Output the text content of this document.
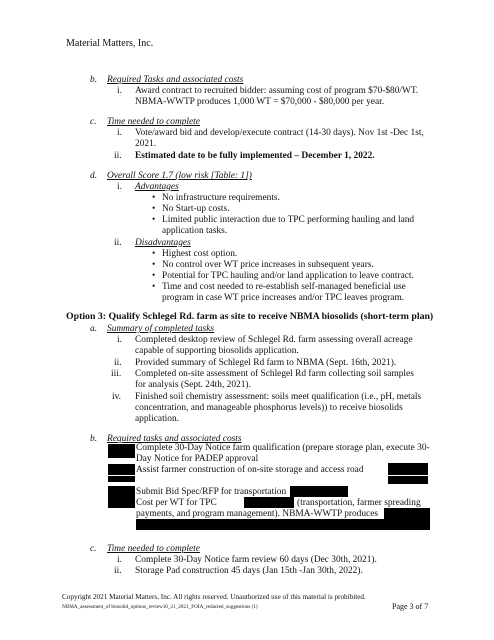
Material Matters, Inc.
b. Required Tasks and associated costs
i. Award contract to recruited bidder: assuming cost of program $70-$80/WT.
NBMA-WWTP produces 1,000 WT = $70,000 - $80,000 per year.
c. Time needed to complete
i. Vote/award bid and develop/execute contract (14-30 days). Nov 1st -Dec 1st,
2021.
ii. Estimated date to be fully implemented – December 1, 2022.
d. Overall Score 1.7 (low risk [Table: 1])
i. Advantages
• No infrastructure requirements.
• No Start-up costs.
• Limited public interaction due to TPC performing hauling and land
application tasks.
ii. Disadvantages
• Highest cost option.
• No control over WT price increases in subsequent years.
• Potential for TPC hauling and/or land application to leave contract.
• Time and cost needed to re-establish self-managed beneficial use
program in case WT price increases and/or TPC leaves program.
Option 3: Qualify Schlegel Rd. farm as site to receive NBMA biosolids (short-term plan)
a. Summary of completed tasks
i. Completed desktop review of Schlegel Rd. farm assessing overall acreage
capable of supporting biosolids application.
ii. Provided summary of Schlegel Rd farm to NBMA (Sept. 16th, 2021).
iii. Completed on-site assessment of Schlegel Rd farm collecting soil samples
for analysis (Sept. 24th, 2021).
iv. Finished soil chemistry assessment: soils meet qualification (i.e., pH, metals
concentration, and manageable phosphorus levels)) to receive biosolids
application.
b. Required tasks and associated costs
Complete 30-Day Notice farm qualification (prepare storage plan, execute 30-
Day Notice for PADEP approval
Assist farmer construction of on-site storage and access road
Submit Bid Spec/RFP for transportation
Cost per WT for TPC	(transportation, farmer spreading
payments, and program management). NBMA-WWTP produces
c. Time needed to complete
i. Complete 30-Day Notice farm review 60 days (Dec 30th, 2021).
ii. Storage Pad construction 45 days (Jan 15th -Jan 30th, 2022).
Copyright 2021 Material Matters, Inc. All rights reserved. Unauthorized use of this material is prohibited.
NBMA_assessment_of biosolid_options_review10_21_2021_FOIA_redacted_suggestions (1)	Page 3 of 7
